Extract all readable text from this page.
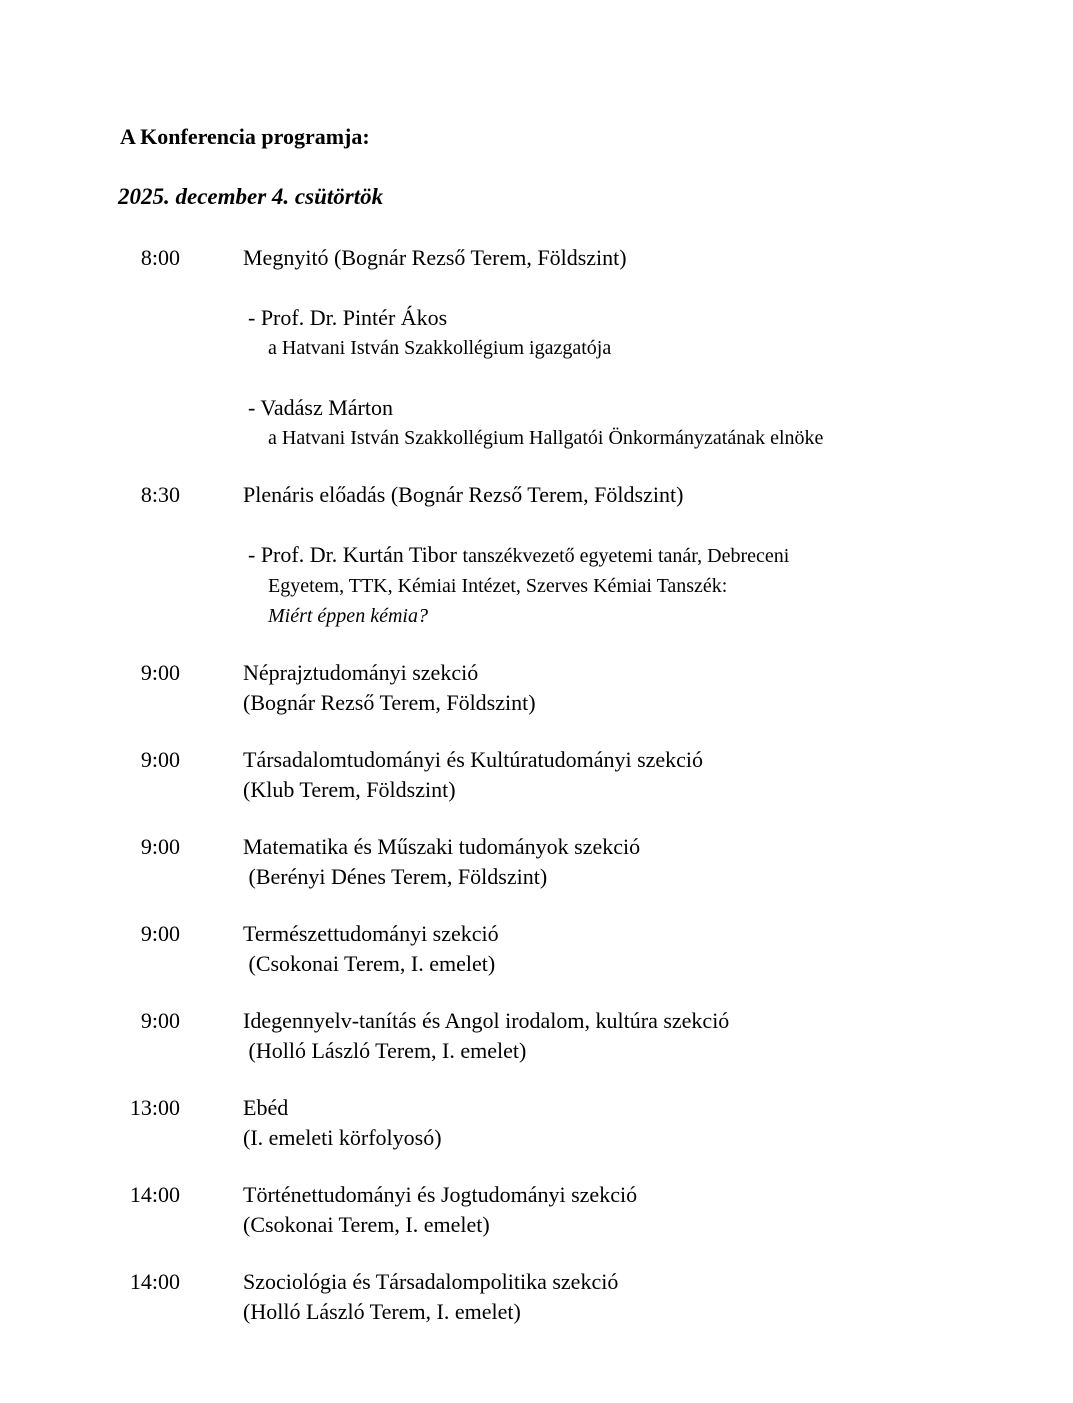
A Konferencia programja:
2025. december 4. csütörtök
8:00	Megnyitó (Bognár Rezső Terem, Földszint)
- Prof. Dr. Pintér Ákos
a Hatvani István Szakkollégium igazgatója
- Vadász Márton
a Hatvani István Szakkollégium Hallgatói Önkormányzatának elnöke
8:30	Plenáris előadás (Bognár Rezső Terem, Földszint)
- Prof. Dr. Kurtán Tibor tanszékvezető egyetemi tanár, Debreceni
Egyetem, TTK, Kémiai Intézet, Szerves Kémiai Tanszék:
Miért éppen kémia?
9:00	Néprajztudományi szekció
(Bognár Rezső Terem, Földszint)
9:00	Társadalomtudományi és Kultúratudományi szekció
(Klub Terem, Földszint)
9:00	Matematika és Műszaki tudományok szekció
(Berényi Dénes Terem, Földszint)
9:00	Természettudományi szekció
(Csokonai Terem, I. emelet)
9:00	Idegennyelv-tanítás és Angol irodalom, kultúra szekció
(Holló László Terem, I. emelet)
13:00	Ebéd
(I. emeleti körfolyosó)
14:00	Történettudományi és Jogtudományi szekció
(Csokonai Terem, I. emelet)
14:00	Szociológia és Társadalompolitika szekció
(Holló László Terem, I. emelet)
